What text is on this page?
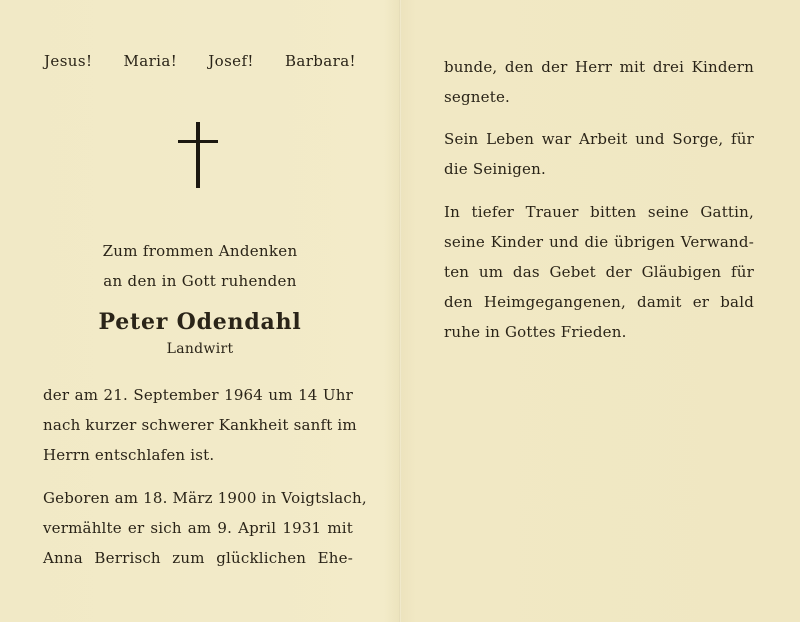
Jesus! Maria! Josef! Barbara!
Zum frommen Andenken
an den in Gott ruhenden
Peter Odendahl
Landwirt
der am 21. September 1964 um 14 Uhr
nach kurzer schwerer Kankheit sanft im
Herrn entschlafen ist.
Geboren am 18. März 1900 in Voigtslach,
vermählte er sich am 9. April 1931 mit
Anna Berrisch zum glücklichen Ehe-
bunde, den der Herr mit drei Kindern
segnete.
Sein Leben war Arbeit und Sorge, für
die Seinigen.
In tiefer Trauer bitten seine Gattin,
seine Kinder und die übrigen Verwand-
ten um das Gebet der Gläubigen für
den Heimgegangenen, damit er bald
ruhe in Gottes Frieden.
